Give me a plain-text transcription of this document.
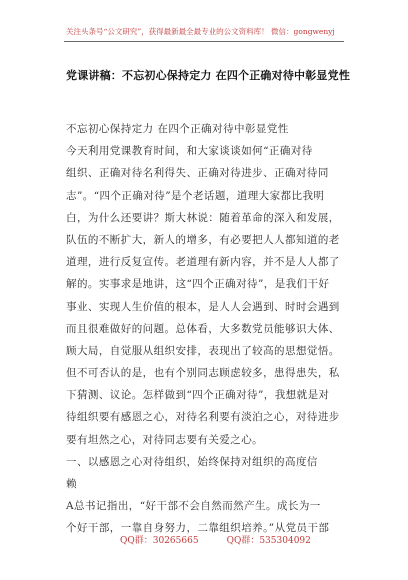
关注头条号“公文研究”，获得最新最全最专业的公文资料库！ 微信：gongwenyj
党课讲稿：不忘初心保持定力 在四个正确对待中彰显党性
不忘初心保持定力 在四个正确对待中彰显党性
今天利用党课教育时间，和大家谈谈如何“正确对待
组织、正确对待名利得失、正确对待进步、正确对待同
志”。“四个正确对待”是个老话题，道理大家都比我明
白，为什么还要讲？斯大林说：随着革命的深入和发展，
队伍的不断扩大，新人的增多，有必要把人人都知道的老
道理，进行反复宣传。老道理有新内容，并不是人人都了
解的。实事求是地讲，这“四个正确对待”，是我们干好
事业、实现人生价值的根本，是人人会遇到、时时会遇到
而且很难做好的问题。总体看，大多数党员能够识大体、
顾大局，自觉服从组织安排，表现出了较高的思想觉悟。
但不可否认的是，也有个别同志顾虑较多，患得患失，私
下猜测、议论。怎样做到“四个正确对待”，我想就是对
待组织要有感恩之心，对待名利要有淡泊之心，对待进步
要有坦然之心，对待同志要有关爱之心。
一、以感恩之心对待组织，始终保持对组织的高度信
赖
A总书记指出，“好干部不会自然而然产生。成长为一
个好干部，一靠自身努力，二靠组织培养。”从党员干部
QQ群：30265665	QQ群：535304092
